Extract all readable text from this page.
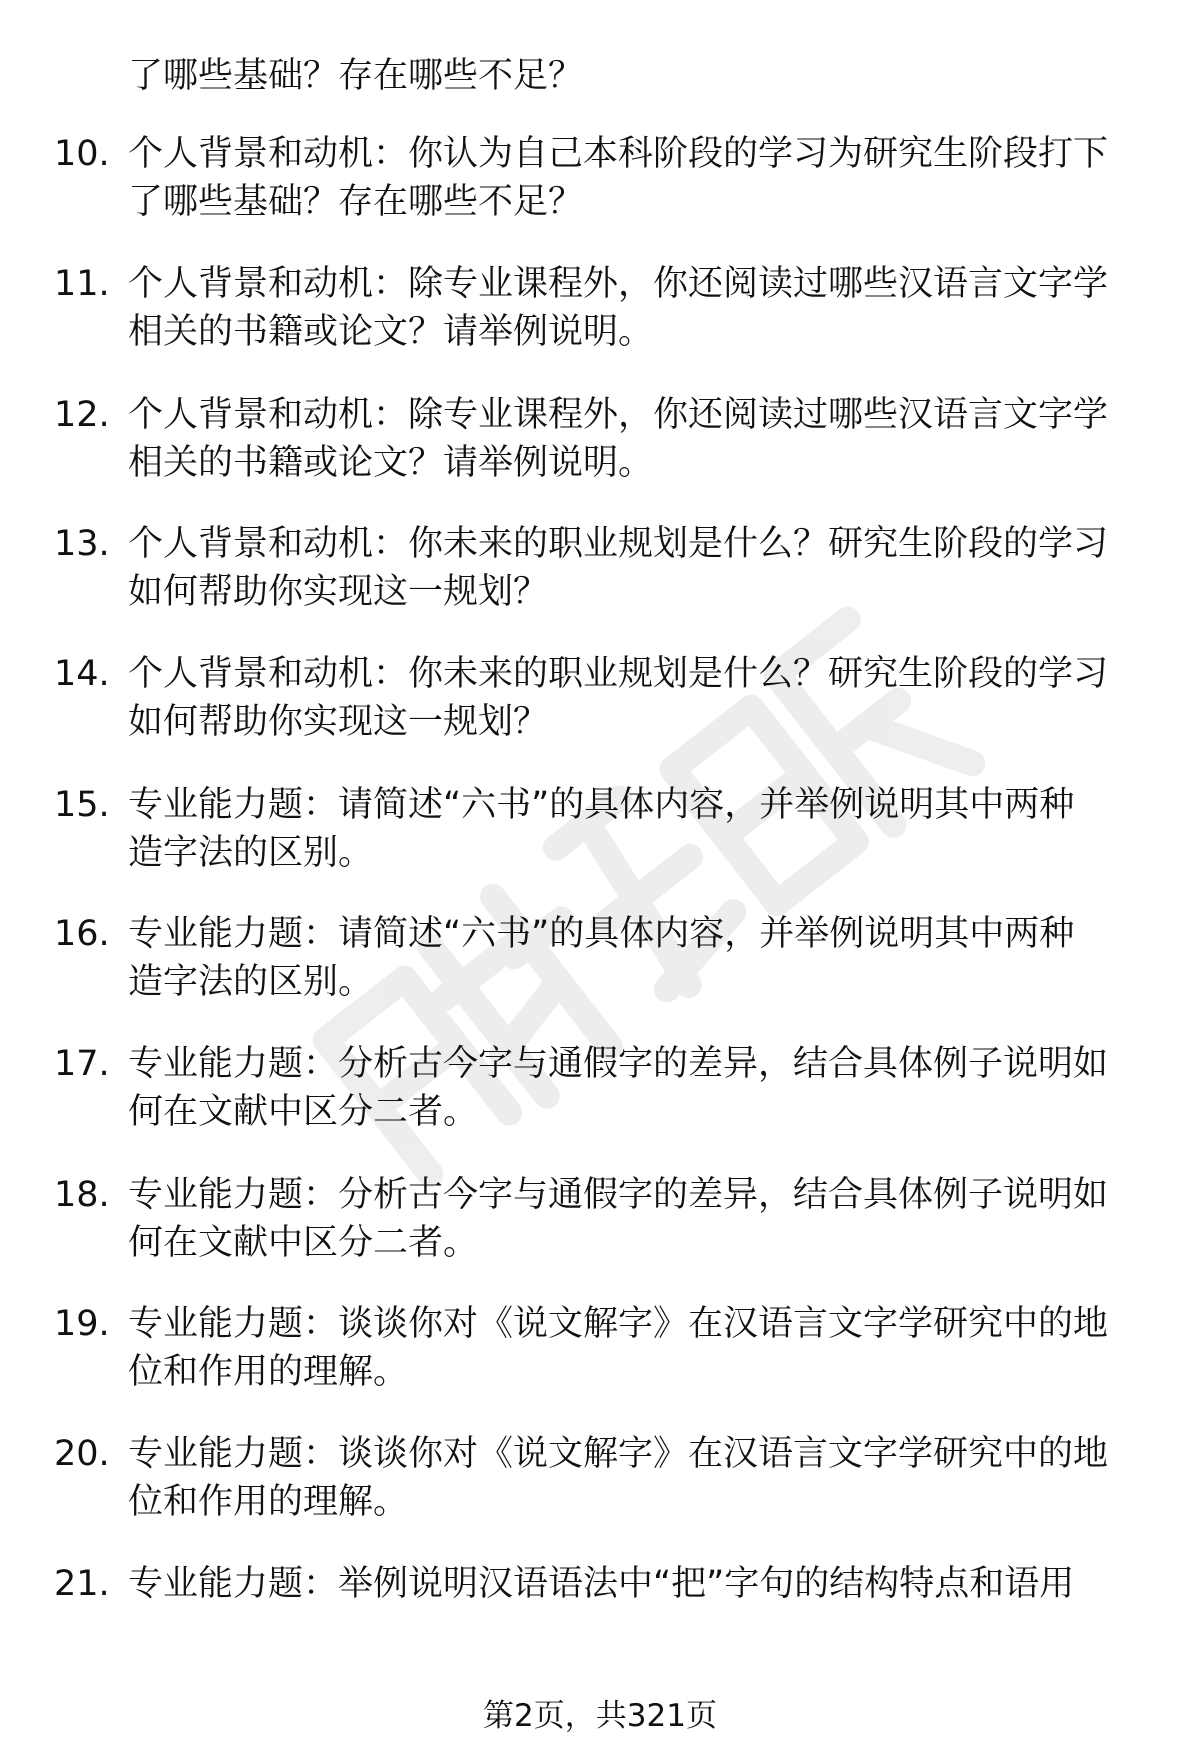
了哪些基础？存在哪些不足？
10. 个人背景和动机：你认为自己本科阶段的学习为研究生阶段打下
了哪些基础？存在哪些不足？
11. 个人背景和动机：除专业课程外，你还阅读过哪些汉语言文字学
相关的书籍或论文？请举例说明。
12. 个人背景和动机：除专业课程外，你还阅读过哪些汉语言文字学
相关的书籍或论文？请举例说明。
13. 个人背景和动机：你未来的职业规划是什么？研究生阶段的学习
如何帮助你实现这一规划？
14. 个人背景和动机：你未来的职业规划是什么？研究生阶段的学习
如何帮助你实现这一规划？
15. 专业能力题：请简述“六书”的具体内容，并举例说明其中两种
造字法的区别。
16. 专业能力题：请简述“六书”的具体内容，并举例说明其中两种
造字法的区别。
17. 专业能力题：分析古今字与通假字的差异，结合具体例子说明如
何在文献中区分二者。
18. 专业能力题：分析古今字与通假字的差异，结合具体例子说明如
何在文献中区分二者。
19. 专业能力题：谈谈你对《说文解字》在汉语言文字学研究中的地
位和作用的理解。
20. 专业能力题：谈谈你对《说文解字》在汉语言文字学研究中的地
位和作用的理解。
21. 专业能力题：举例说明汉语语法中“把”字句的结构特点和语用
第2页，共321页
